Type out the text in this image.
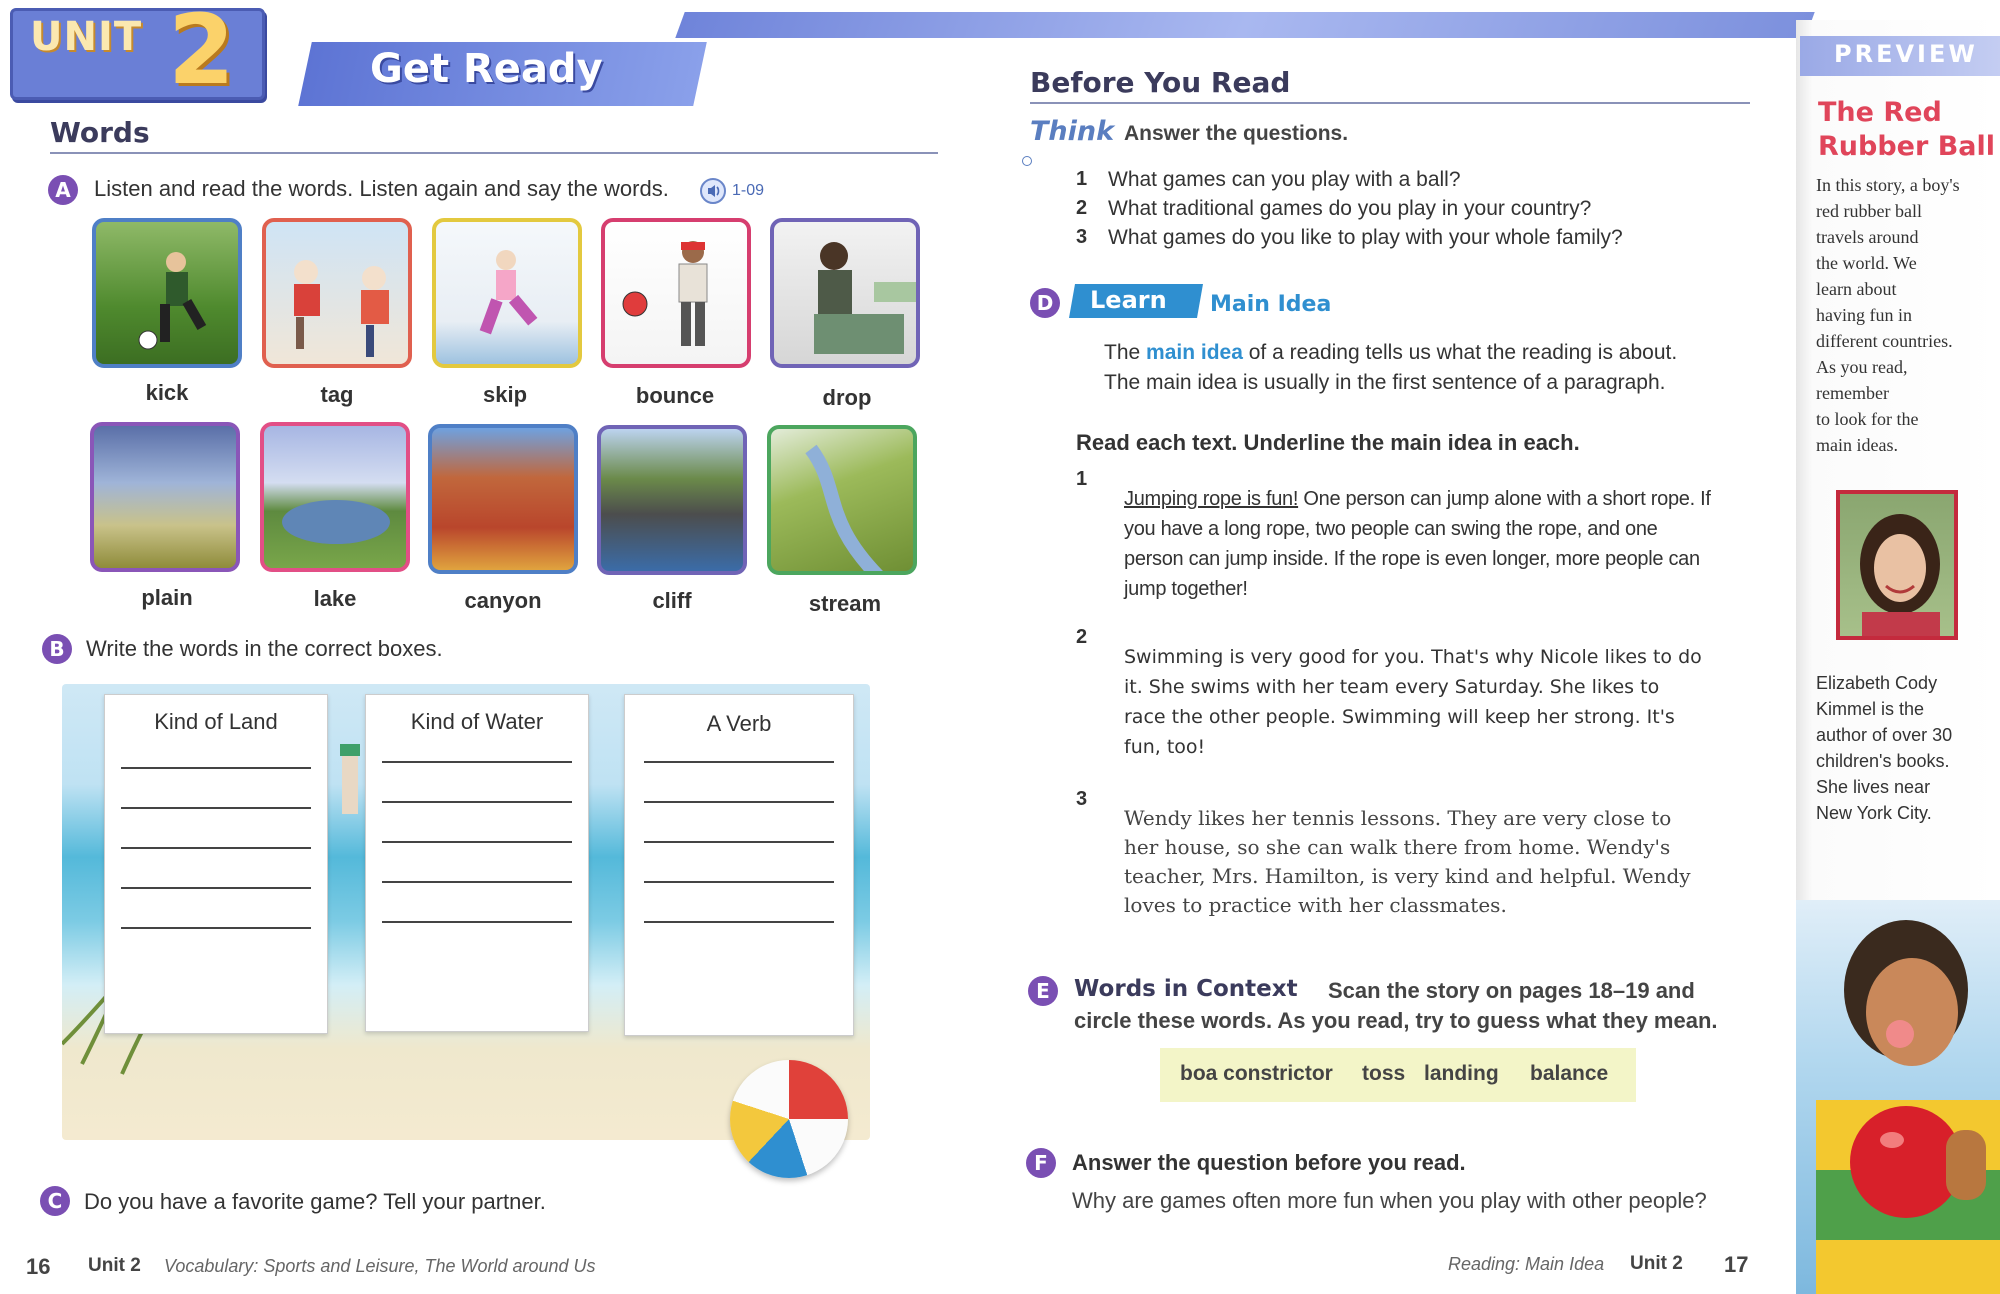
UNIT 2	Get Ready
Words
A	Listen and read the words. Listen again and say the words.	1-09
kick	tag	skip	bounce	drop
plain	lake	canyon	cliff	stream
B Write the words in the correct boxes.
Kind of Land	Kind of Water	A Verb
C Do you have a favorite game? Tell your partner.
16 Unit 2 Vocabulary: Sports and Leisure, The World around Us
Before You Read
Think Answer the questions.
1 What games can you play with a ball?
2 What traditional games do you play in your country?
3 What games do you like to play with your whole family?
D Learn Main Idea
The main idea of a reading tells us what the reading is about.
The main idea is usually in the first sentence of a paragraph.
Read each text. Underline the main idea in each.
1
Jumping rope is fun! One person can jump alone with a short rope. If you have a long rope, two people can swing the rope, and one person can jump inside. If the rope is even longer, more people can jump together!
2
Swimming is very good for you. That's why Nicole likes to do it. She swims with her team every Saturday. She likes to race the other people. Swimming will keep her strong. It's fun, too!
3
Wendy likes her tennis lessons. They are very close to her house, so she can walk there from home. Wendy's teacher, Mrs. Hamilton, is very kind and helpful. Wendy loves to practice with her classmates.
E	Words in Context Scan the story on pages 18–19 and
circle these words. As you read, try to guess what they mean.
boa constrictor toss landing balance
F	Answer the question before you read.
Why are games often more fun when you play with other people?
Reading: Main Idea Unit 2 17
PREVIEW
The Red
Rubber Ball
In this story, a boy's
red rubber ball
travels around
the world. We
learn about
having fun in
different countries.
As you read,
remember
to look for the
main ideas.
Elizabeth Cody
Kimmel is the
author of over 30
children's books.
She lives near
New York City.
